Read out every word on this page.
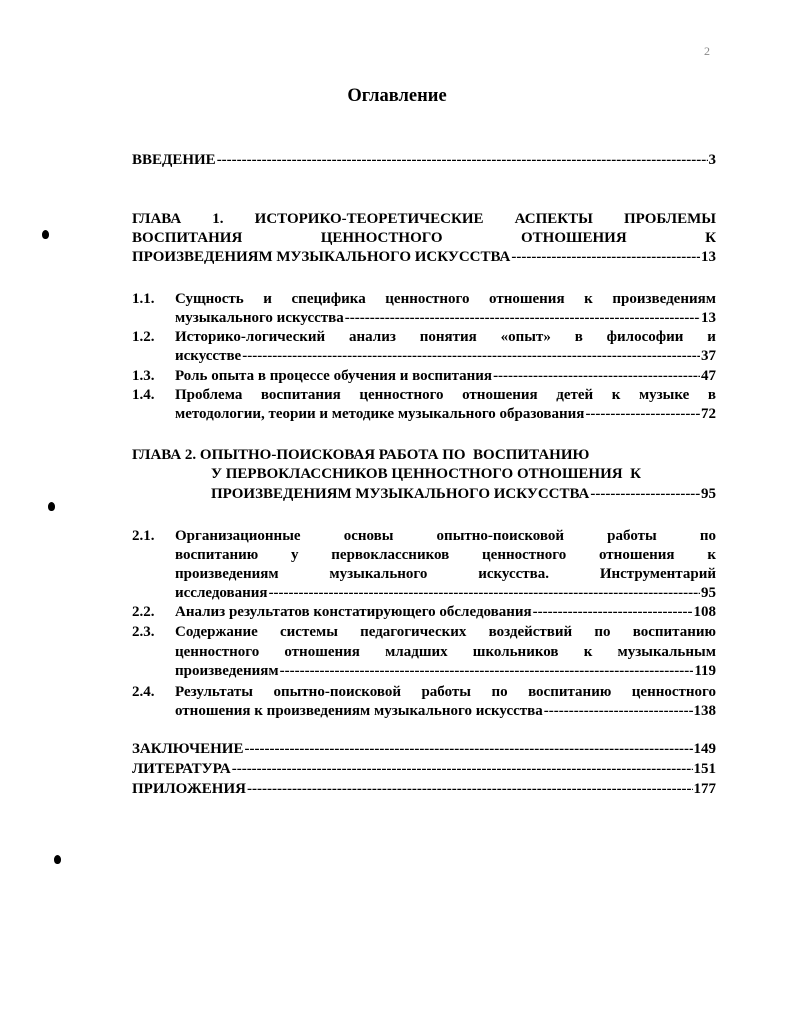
2
Оглавление
ВВЕДЕНИЕ -----	3
ГЛАВА 1. ИСТОРИКО-ТЕОРЕТИЧЕСКИЕ АСПЕКТЫ ПРОБЛЕМЫ
ВОСПИТАНИЯ	ЦЕННОСТНОГО	ОТНОШЕНИЯ	К
ПРОИЗВЕДЕНИЯМ МУЗЫКАЛЬНОГО ИСКУССТВА -----	13
1.1. Сущность и специфика ценностного отношения к произведениям
музыкального искусства -----	13
1.2. Историко-логический анализ понятия «опыт» в философии и
искусстве -----	37
1.3. Роль опыта в процессе обучения и воспитания -----	47
1.4. Проблема воспитания ценностного отношения детей к музыке в
методологии, теории и методике музыкального образования -----	72
ГЛАВА 2. ОПЫТНО-ПОИСКОВАЯ РАБОТА ПО  ВОСПИТАНИЮ
У ПЕРВОКЛАССНИКОВ ЦЕННОСТНОГО ОТНОШЕНИЯ  К
ПРОИЗВЕДЕНИЯМ МУЗЫКАЛЬНОГО ИСКУССТВА -----	95
2.1. Организационные	основы	опытно-поисковой	работы	по
воспитанию у первоклассников ценностного отношения к
произведениям	музыкального	искусства.	Инструментарий
исследования -----	95
2.2. Анализ результатов констатирующего обследования -----	108
2.3. Содержание системы педагогических воздействий по воспитанию
ценностного отношения младших школьников к музыкальным
произведениям -----	119
2.4. Результаты опытно-поисковой работы по воспитанию ценностного
отношения к произведениям музыкального искусства -----	138
ЗАКЛЮЧЕНИЕ -----	149
ЛИТЕРАТУРА -----	151
ПРИЛОЖЕНИЯ -----	177
